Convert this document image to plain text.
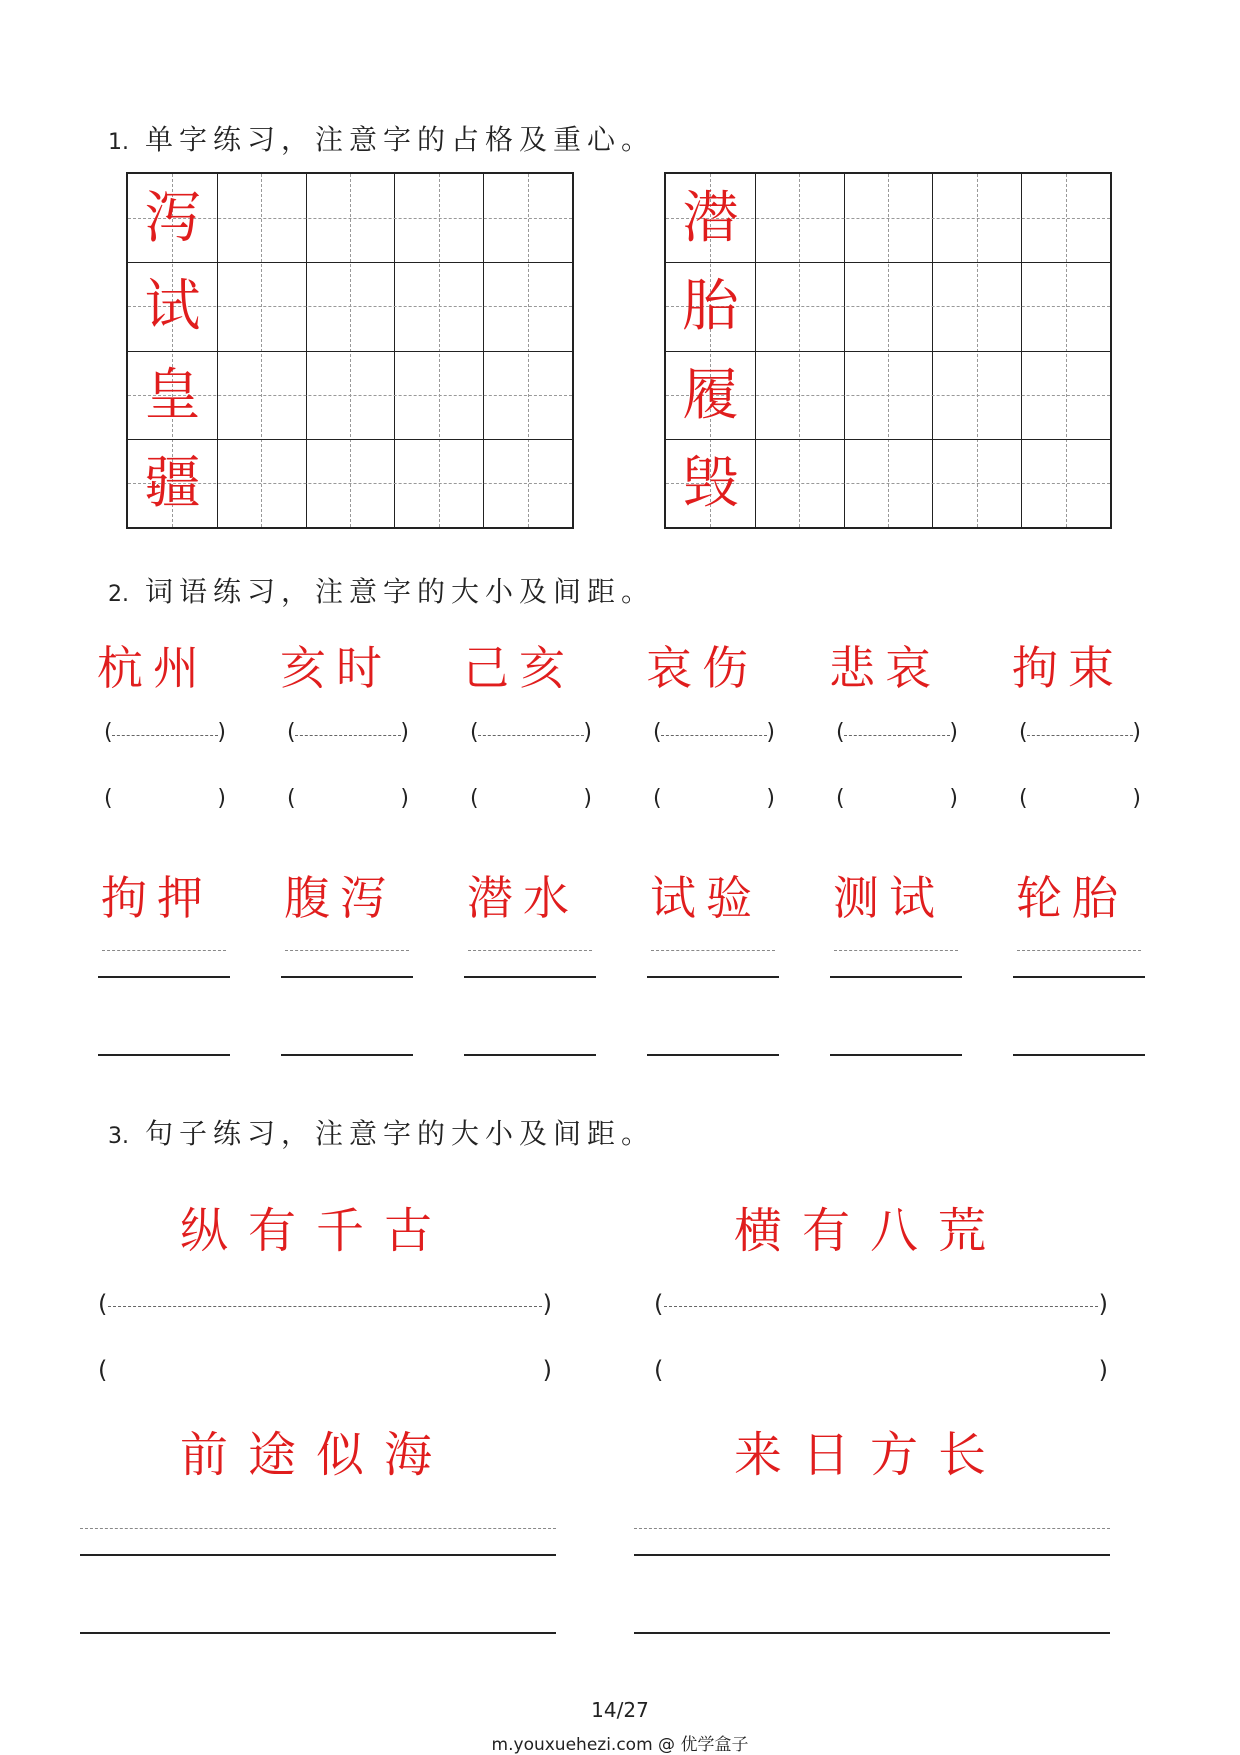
1. 单字练习，注意字的占格及重心。
泻
试
皇
疆
潜
胎
履
毁
2. 词语练习，注意字的大小及间距。
杭州
(	)
(	)
拘押
亥时
(	)
(	)
腹泻
己亥
(	)
(	)
潜水
哀伤
(	)
(	)
试验
悲哀
(	)
(	)
测试
拘束
(	)
(	)
轮胎
3. 句子练习，注意字的大小及间距。
纵有千古	横有八荒
(	)	(	)
(	)	(	)
前途似海	来日方长
14/27
m.youxuehezi.com @ 优学盒子
